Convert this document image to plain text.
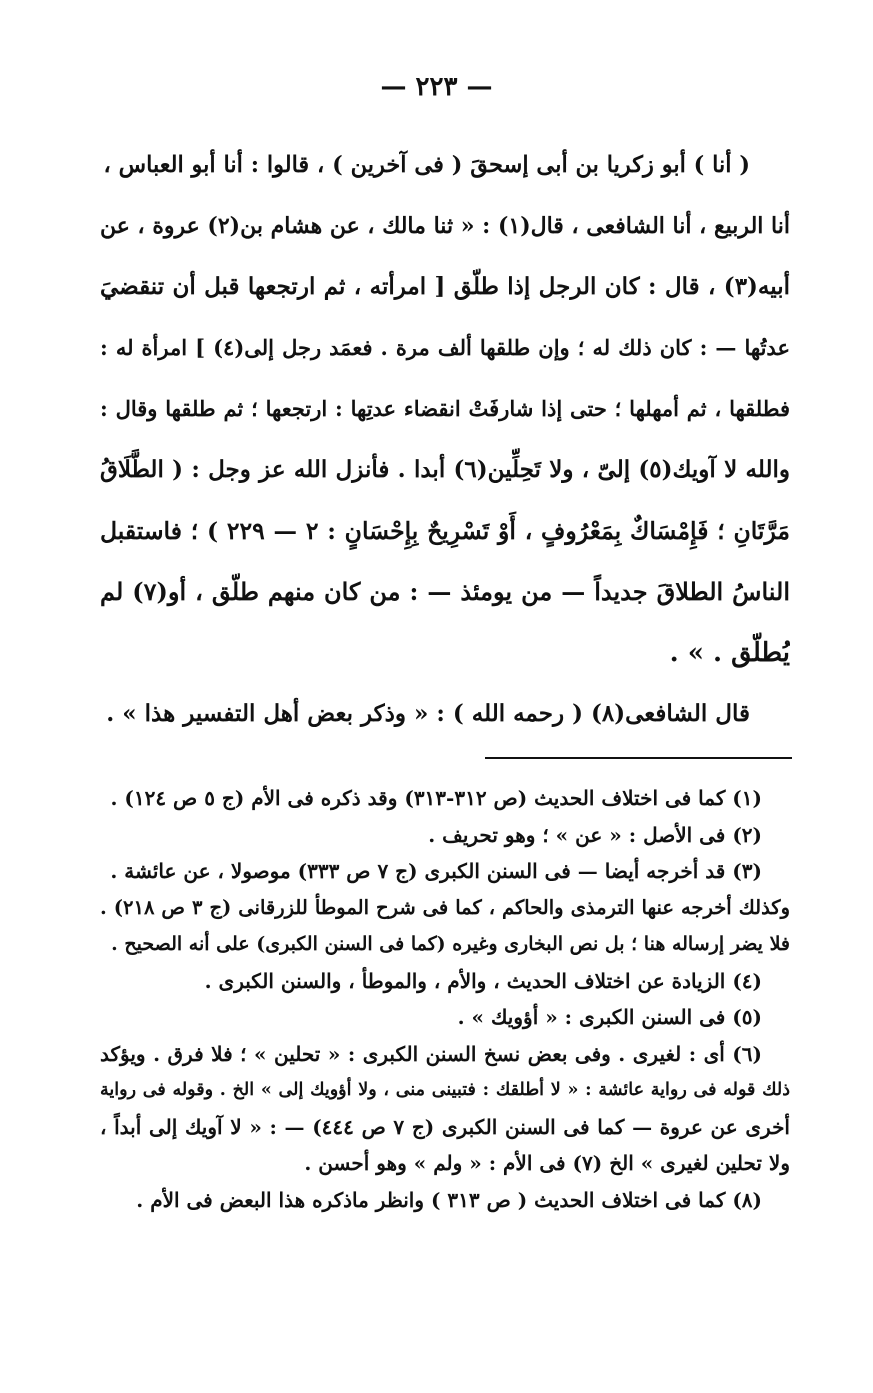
— ٢٢٣ —
( أنا ) أبو زكريا بن أبى إسحقَ ( فى آخرين ) ، قالوا : أنا أبو العباس ،
أنا الربيع ، أنا الشافعى ، قال(١) : « ثنا مالك ، عن هشام بن(٢) عروة ، عن
أبيه(٣) ، قال : كان الرجل إذا طلّق [ امرأته ، ثم ارتجعها قبل أن تنقضيَ
عدتُها — : كان ذلك له ؛ وإن طلقها ألف مرة . فعمَد رجل إلى(٤) ] امرأة له :
فطلقها ، ثم أمهلها ؛ حتى إذا شارفَتْ انقضاء عدتِها : ارتجعها ؛ ثم طلقها وقال :
والله لا آويك(٥) إلىّ ، ولا تَحِلِّين(٦) أبدا . فأنزل الله عز وجل : ( الطَّلَاقُ
مَرَّتَانِ ؛ فَإِمْسَاكٌ بِمَعْرُوفٍ ، أَوْ تَسْرِيحٌ بِإِحْسَانٍ : ٢ — ٢٢٩ ) ؛ فاستقبل
الناسُ الطلاقَ جديداً — من يومئذ — : من كان منهم طلّق ، أو(٧) لم
يُطلّق . » .
قال الشافعى(٨) ( رحمه الله ) : « وذكر بعض أهل التفسير هذا » .
(١) كما فى اختلاف الحديث (ص ٣١٢-٣١٣) وقد ذكره فى الأم (ج ٥ ص ١٢٤) .
(٢) فى الأصل : « عن » ؛ وهو تحريف .
(٣) قد أخرجه أيضا — فى السنن الكبرى (ج ٧ ص ٣٣٣) موصولا ، عن عائشة .
وكذلك أخرجه عنها الترمذى والحاكم ، كما فى شرح الموطأ للزرقانى (ج ٣ ص ٢١٨) .
فلا يضر إرساله هنا ؛ بل نص البخارى وغيره (كما فى السنن الكبرى) على أنه الصحيح .
(٤) الزيادة عن اختلاف الحديث ، والأم ، والموطأ ، والسنن الكبرى .
(٥) فى السنن الكبرى : « أؤويك » .
(٦) أى : لغيرى . وفى بعض نسخ السنن الكبرى : « تحلين » ؛ فلا فرق . ويؤكد
ذلك قوله فى رواية عائشة : « لا أطلقك : فتبينى منى ، ولا أؤويك إلى » الخ . وقوله فى رواية
أخرى عن عروة — كما فى السنن الكبرى (ج ٧ ص ٤٤٤) — : « لا آويك إلى أبداً ،
ولا تحلين لغيرى » الخ (٧) فى الأم : « ولم » وهو أحسن .
(٨) كما فى اختلاف الحديث ( ص ٣١٣ ) وانظر ماذكره هذا البعض فى الأم .
